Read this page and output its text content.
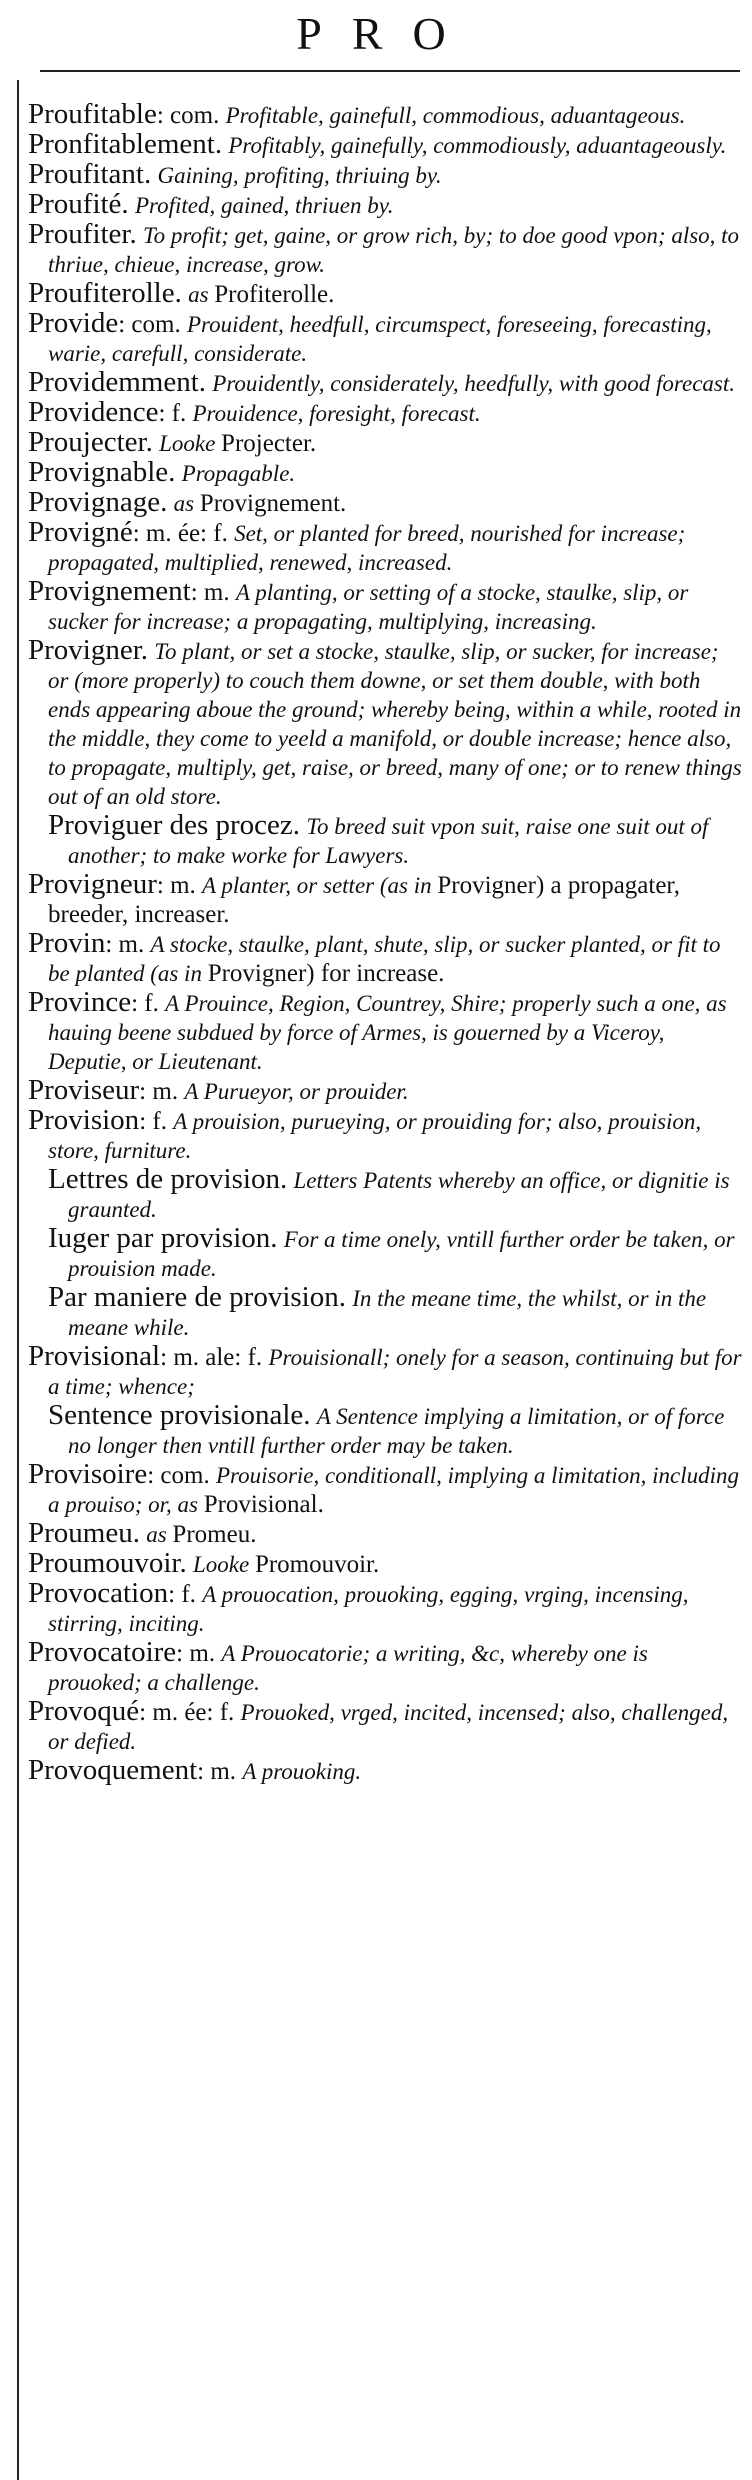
PRO

Proufitable: com. Profitable, gainefull, commodious, aduantageous.

Pronfitablement. Profitably, gainefully, commodiously, aduantageously.

Proufitant. Gaining, profiting, thriuing by.

Proufité. Profited, gained, thriuen by.

Proufiter. To profit; get, gaine, or grow rich, by; to doe good vpon; also, to thriue, chieue, increase, grow.

Proufiterolle. as Profiterolle.

Provide: com. Prouident, heedfull, circumspect, foreseeing, forecasting, warie, carefull, considerate.

Providemment. Prouidently, considerately, heedfully, with good forecast.

Providence: f. Prouidence, foresight, forecast.

Proujecter. Looke Projecter.

Provignable. Propagable.

Provignage. as Provignement.

Provigné: m. ée: f. Set, or planted for breed, nourished for increase; propagated, multiplied, renewed, increased.

Provignement: m. A planting, or setting of a stocke, staulke, slip, or sucker for increase; a propagating, multiplying, increasing.

Provigner. To plant, or set a stocke, staulke, slip, or sucker, for increase; or (more properly) to couch them downe, or set them double, with both ends appearing aboue the ground; whereby being, within a while, rooted in the middle, they come to yeeld a manifold, or double increase; hence also, to propagate, multiply, get, raise, or breed, many of one; or to renew things out of an old store.

Proviguer des procez. To breed suit vpon suit, raise one suit out of another; to make worke for Lawyers.

Provigneur: m. A planter, or setter (as in Provigner) a propagater, breeder, increaser.

Provin: m. A stocke, staulke, plant, shute, slip, or sucker planted, or fit to be planted (as in Provigner) for increase.

Province: f. A Prouince, Region, Countrey, Shire; properly such a one, as hauing beene subdued by force of Armes, is gouerned by a Viceroy, Deputie, or Lieutenant.

Proviseur: m. A Purueyor, or prouider.

Provision: f. A prouision, purueying, or prouiding for; also, prouision, store, furniture.

Lettres de provision. Letters Patents whereby an office, or dignitie is graunted.

Iuger par provision. For a time onely, vntill further order be taken, or prouision made.

Par maniere de provision. In the meane time, the whilst, or in the meane while.

Provisional: m. ale: f. Prouisionall; onely for a season, continuing but for a time; whence;

Sentence provisionale. A Sentence implying a limitation, or of force no longer then vntill further order may be taken.

Provisoire: com. Prouisorie, conditionall, implying a limitation, including a prouiso; or, as Provisional.

Proumeu. as Promeu.

Proumouvoir. Looke Promouvoir.

Provocation: f. A prouocation, prouoking, egging, vrging, incensing, stirring, inciting.

Provocatoire: m. A Prouocatorie; a writing, &c, whereby one is prouoked; a challenge.

Provoqué: m. ée: f. Prouoked, vrged, incited, incensed; also, challenged, or defied.

Provoquement: m. A prouoking.
